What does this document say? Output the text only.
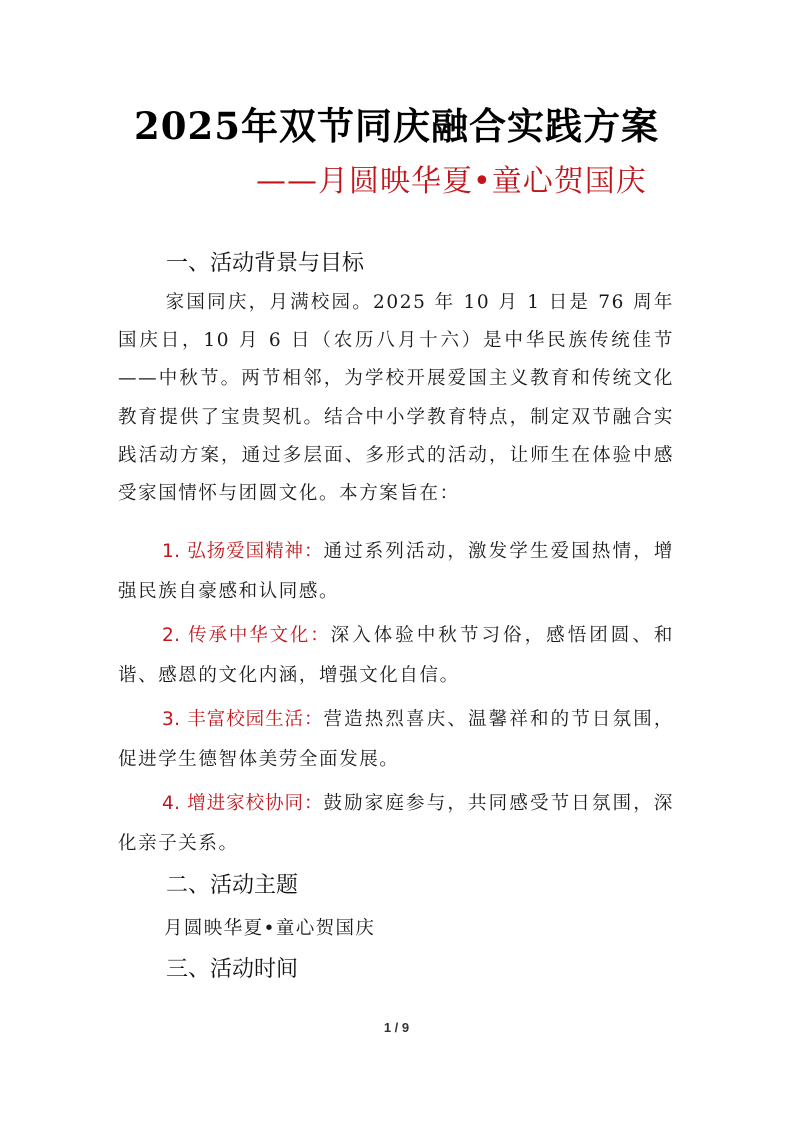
2025年双节同庆融合实践方案
——月圆映华夏•童心贺国庆
一、活动背景与目标
家国同庆，月满校园。2025 年 10 月 1 日是 76 周年国庆日，10 月 6 日（农历八月十六）是中华民族传统佳节——中秋节。两节相邻，为学校开展爱国主义教育和传统文化教育提供了宝贵契机。结合中小学教育特点，制定双节融合实践活动方案，通过多层面、多形式的活动，让师生在体验中感受家国情怀与团圆文化。本方案旨在：
1. 弘扬爱国精神：通过系列活动，激发学生爱国热情，增强民族自豪感和认同感。
2. 传承中华文化：深入体验中秋节习俗，感悟团圆、和谐、感恩的文化内涵，增强文化自信。
3. 丰富校园生活：营造热烈喜庆、温馨祥和的节日氛围，促进学生德智体美劳全面发展。
4. 增进家校协同：鼓励家庭参与，共同感受节日氛围，深化亲子关系。
二、活动主题
月圆映华夏•童心贺国庆
三、活动时间
1 / 9
